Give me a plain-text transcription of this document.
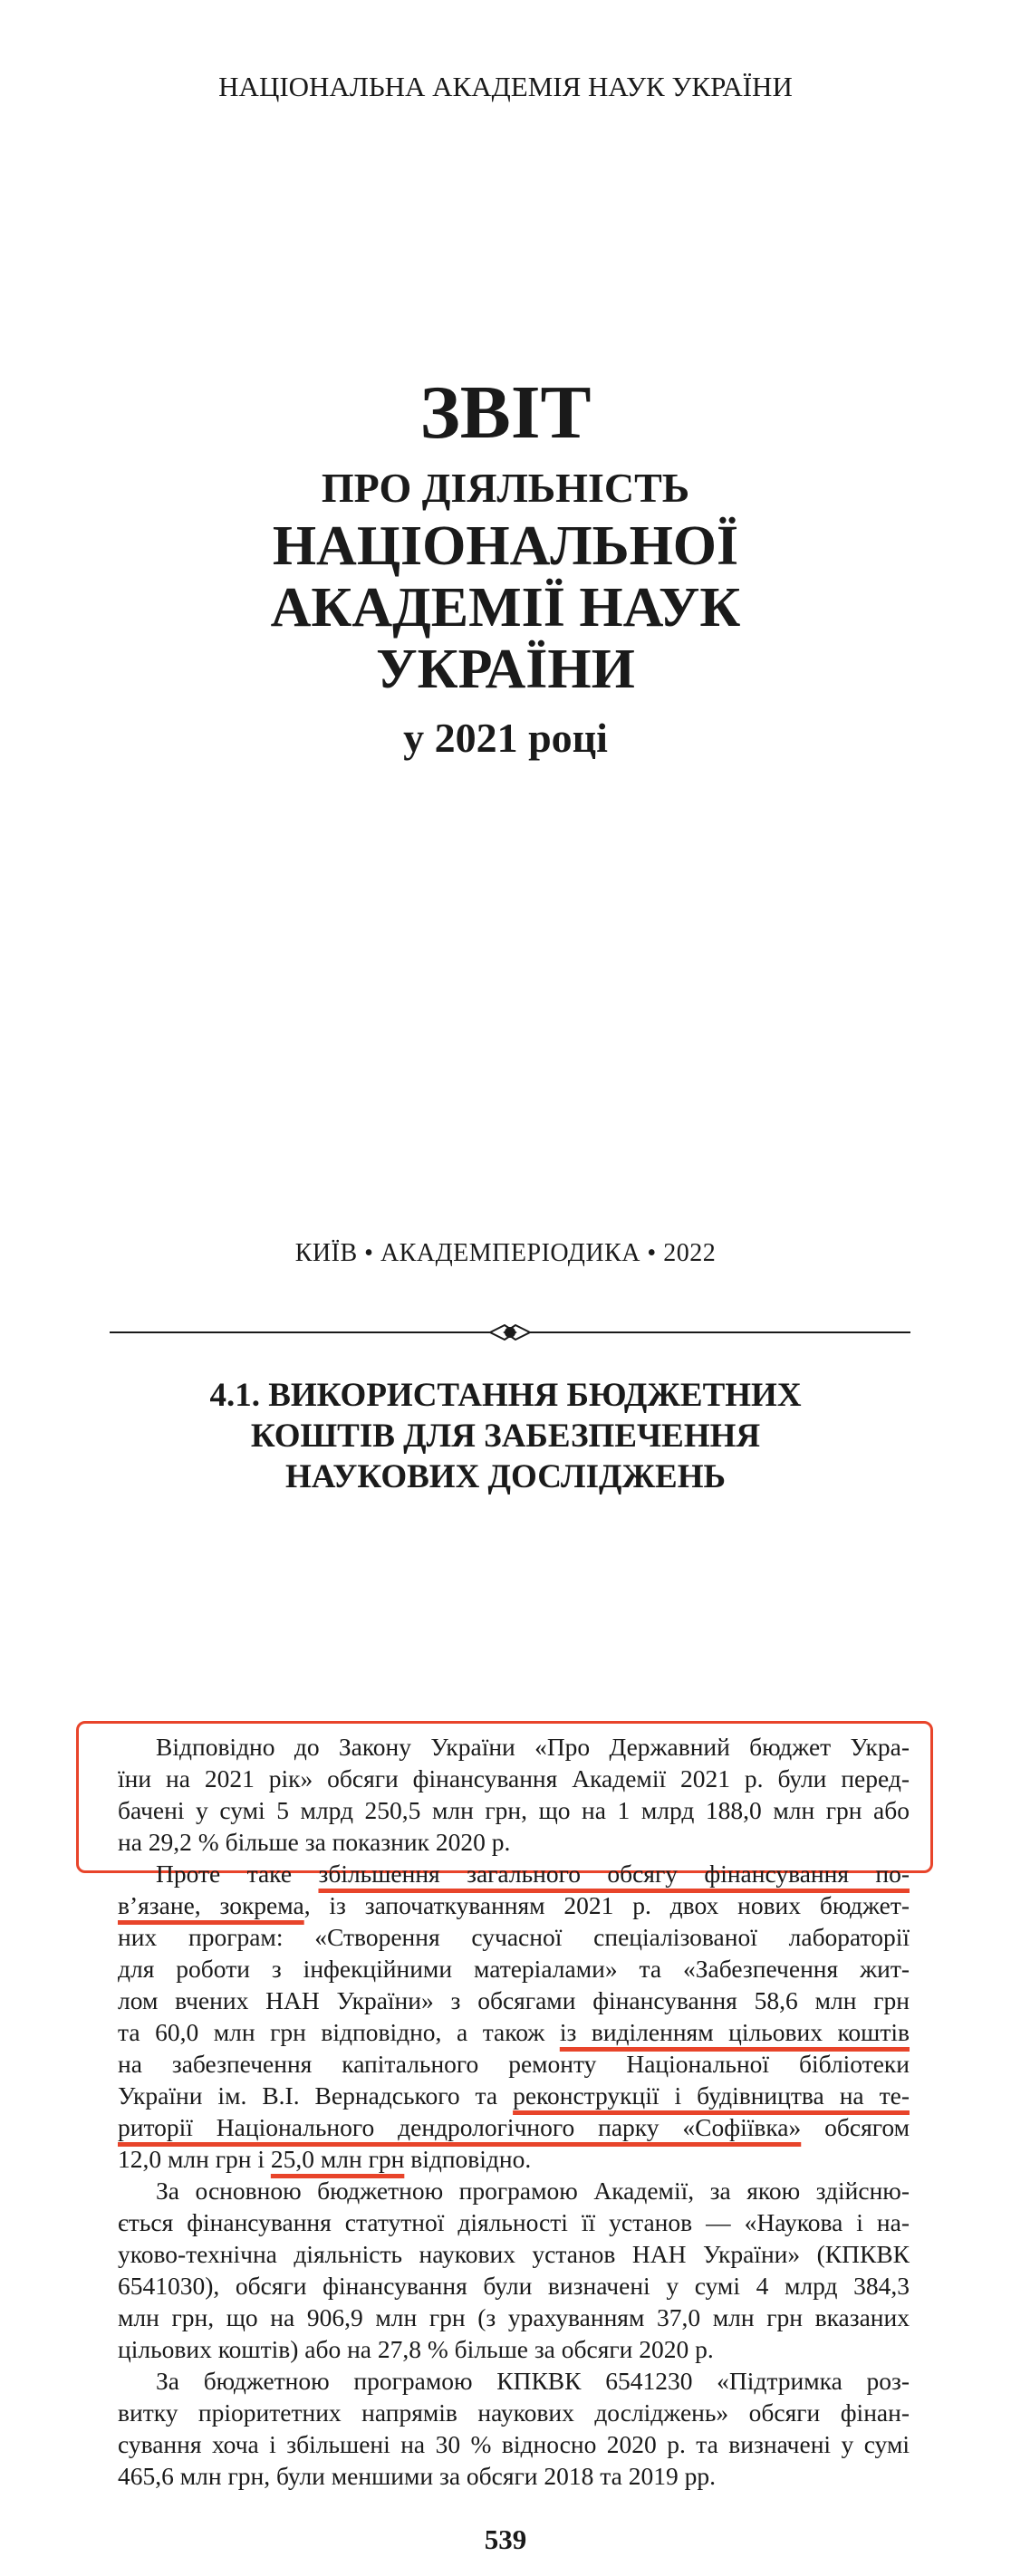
НАЦІОНАЛЬНА АКАДЕМІЯ НАУК УКРАЇНИ
ЗВІТ
ПРО ДІЯЛЬНІСТЬ
НАЦІОНАЛЬНОЇ
АКАДЕМІЇ НАУК
УКРАЇНИ
у 2021 році
КИЇВ • АКАДЕМПЕРІОДИКА • 2022
4.1. ВИКОРИСТАННЯ БЮДЖЕТНИХ
КОШТІВ ДЛЯ ЗАБЕЗПЕЧЕННЯ
НАУКОВИХ ДОСЛІДЖЕНЬ
Відповідно до Закону України «Про Державний бюджет Укра-
їни на 2021 рік» обсяги фінансування Академії 2021 р. були перед-
бачені у сумі 5 млрд 250,5 млн грн, що на 1 млрд 188,0 млн грн або
на 29,2 % більше за показник 2020 р.
Проте таке збільшення загального обсягу фінансування по-
в’язане, зокрема, із започаткуванням 2021 р. двох нових бюджет-
них програм: «Створення сучасної спеціалізованої лабораторії
для роботи з інфекційними матеріалами» та «Забезпечення жит-
лом вчених НАН України» з обсягами фінансування 58,6 млн грн
та 60,0 млн грн відповідно, а також із виділенням цільових коштів
на забезпечення капітального ремонту Національної бібліотеки
України ім. В.І. Вернадського та реконструкції і будівництва на те-
риторії Національного дендрологічного парку «Софіївка» обсягом
12,0 млн грн і 25,0 млн грн відповідно.
За основною бюджетною програмою Академії, за якою здійсню-
ється фінансування статутної діяльності її установ — «Наукова і на-
уково-технічна діяльність наукових установ НАН України» (КПКВК
6541030), обсяги фінансування були визначені у сумі 4 млрд 384,3
млн грн, що на 906,9 млн грн (з урахуванням 37,0 млн грн вказаних
цільових коштів) або на 27,8 % більше за обсяги 2020 р.
За бюджетною програмою КПКВК 6541230 «Підтримка роз-
витку пріоритетних напрямів наукових досліджень» обсяги фінан-
сування хоча і збільшені на 30 % відносно 2020 р. та визначені у сумі
465,6 млн грн, були меншими за обсяги 2018 та 2019 рр.
539
